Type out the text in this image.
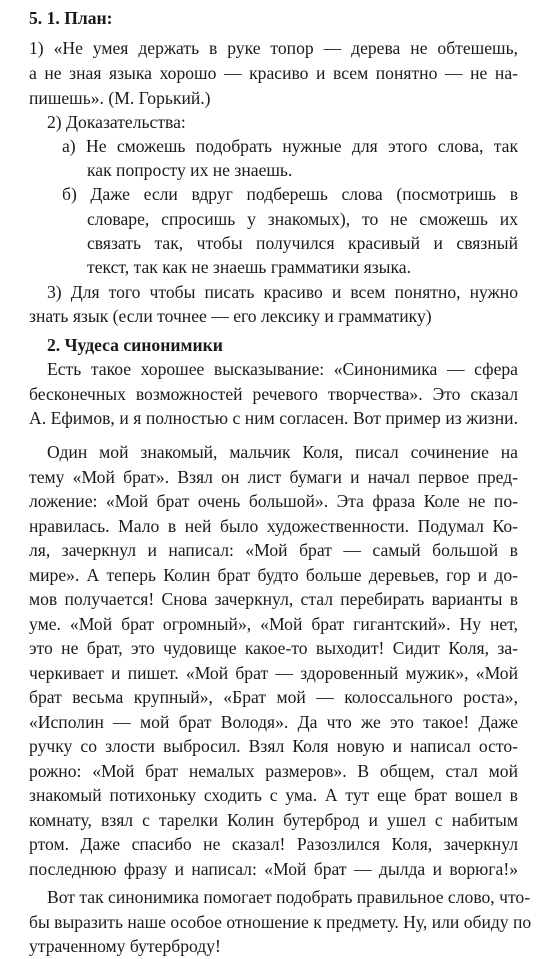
5. 1. План:
1) «Не умея держать в руке топор — дерева не обтешешь,
а не зная языка хорошо — красиво и всем понятно — не на-
пишешь». (М. Горький.)
2) Доказательства:
а) Не сможешь подобрать нужные для этого слова, так
как попросту их не знаешь.
б) Даже если вдруг подберешь слова (посмотришь в
словаре, спросишь у знакомых), то не сможешь их
связать так, чтобы получился красивый и связный
текст, так как не знаешь грамматики языка.
3) Для того чтобы писать красиво и всем понятно, нужно
знать язык (если точнее — его лексику и грамматику)
2. Чудеса синонимики
Есть такое хорошее высказывание: «Синонимика — сфера
бесконечных возможностей речевого творчества». Это сказал
А. Ефимов, и я полностью с ним согласен. Вот пример из жизни.
Один мой знакомый, мальчик Коля, писал сочинение на
тему «Мой брат». Взял он лист бумаги и начал первое пред-
ложение: «Мой брат очень большой». Эта фраза Коле не по-
нравилась. Мало в ней было художественности. Подумал Ко-
ля, зачеркнул и написал: «Мой брат — самый большой в
мире». А теперь Колин брат будто больше деревьев, гор и до-
мов получается! Снова зачеркнул, стал перебирать варианты в
уме. «Мой брат огромный», «Мой брат гигантский». Ну нет,
это не брат, это чудовище какое-то выходит! Сидит Коля, за-
черкивает и пишет. «Мой брат — здоровенный мужик», «Мой
брат весьма крупный», «Брат мой — колоссального роста»,
«Исполин — мой брат Володя». Да что же это такое! Даже
ручку со злости выбросил. Взял Коля новую и написал осто-
рожно: «Мой брат немалых размеров». В общем, стал мой
знакомый потихоньку сходить с ума. А тут еще брат вошел в
комнату, взял с тарелки Колин бутерброд и ушел с набитым
ртом. Даже спасибо не сказал! Разозлился Коля, зачеркнул
последнюю фразу и написал: «Мой брат — дылда и ворюга!»
Вот так синонимика помогает подобрать правильное слово, что-
бы выразить наше особое отношение к предмету. Ну, или обиду по
утраченному бутерброду!
